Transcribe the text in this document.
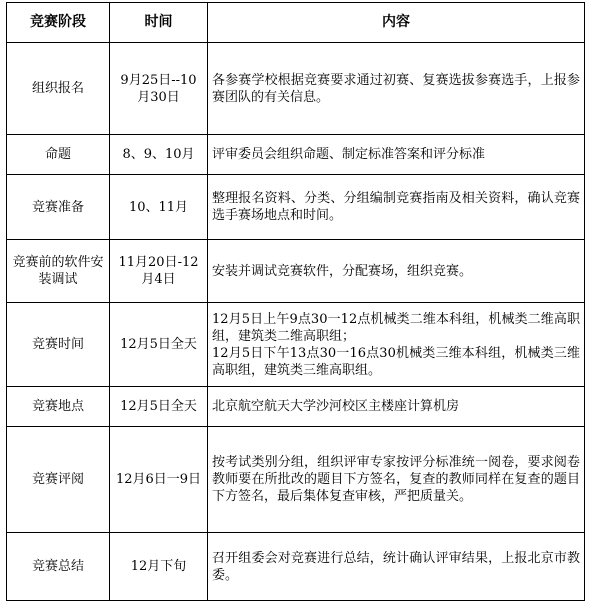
竞赛阶段	时间	内容
组织报名	9月25日--10月30日	各参赛学校根据竞赛要求通过初赛、复赛选拔参赛选手，上报参赛团队的有关信息。
命题	8、9、10月	评审委员会组织命题、制定标准答案和评分标准
竞赛准备	10、11月	整理报名资料、分类、分组编制竞赛指南及相关资料，确认竞赛选手赛场地点和时间。
竞赛前的软件安装调试	11月20日-12月4日	安装并调试竞赛软件，分配赛场，组织竞赛。
竞赛时间	12月5日全天	12月5日上午9点30一12点机械类二维本科组，机械类二维高职组，建筑类二维高职组；
12月5日下午13点30一16点30机械类三维本科组，机械类三维高职组，建筑类三维高职组。

竞赛地点	12月5日全天	北京航空航天大学沙河校区主楼座计算机房
竞赛评阅	12月6日一9日	按考试类别分组，组织评审专家按评分标准统一阅卷，要求阅卷教师要在所批改的题目下方签名，复查的教师同样在复查的题目下方签名，最后集体复查审核，严把质量关。
竞赛总结	12月下旬	召开组委会对竞赛进行总结，统计确认评审结果，上报北京市教委。
